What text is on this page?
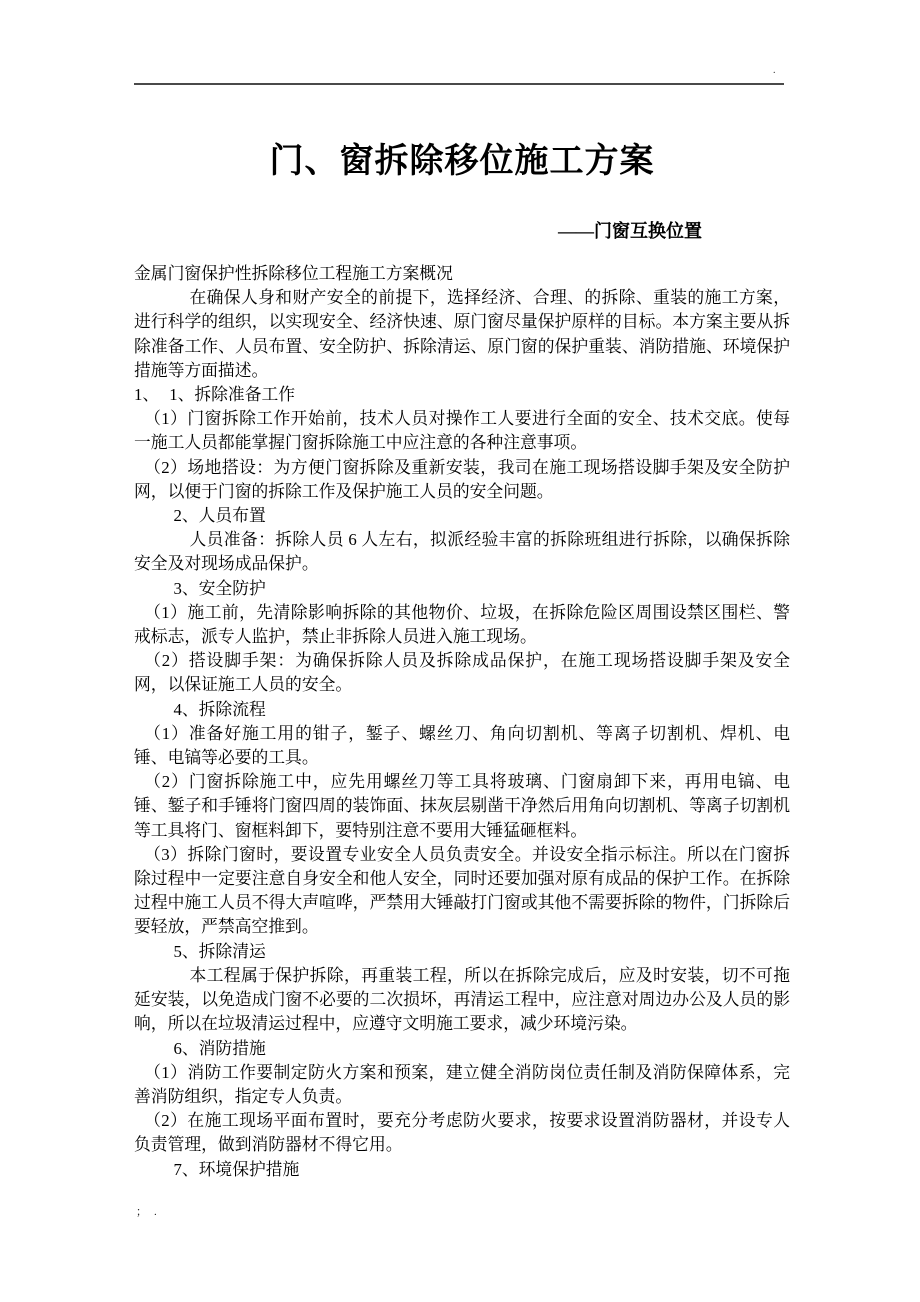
.
门、窗拆除移位施工方案
——门窗互换位置

金属门窗保护性拆除移位工程施工方案概况

在确保人身和财产安全的前提下，选择经济、合理、的拆除、重装的施工方案，进行科学的组织，以实现安全、经济快速、原门窗尽量保护原样的目标。本方案主要从拆除准备工作、人员布置、安全防护、拆除清运、原门窗的保护重装、消防措施、环境保护措施等方面描述。

1、 1、拆除准备工作

（1）门窗拆除工作开始前，技术人员对操作工人要进行全面的安全、技术交底。使每一施工人员都能掌握门窗拆除施工中应注意的各种注意事项。

（2）场地搭设：为方便门窗拆除及重新安装，我司在施工现场搭设脚手架及安全防护网，以便于门窗的拆除工作及保护施工人员的安全问题。

2、人员布置

人员准备：拆除人员 6 人左右，拟派经验丰富的拆除班组进行拆除，以确保拆除安全及对现场成品保护。

3、安全防护

（1）施工前，先清除影响拆除的其他物价、垃圾，在拆除危险区周围设禁区围栏、警戒标志，派专人监护，禁止非拆除人员进入施工现场。

（2）搭设脚手架：为确保拆除人员及拆除成品保护，在施工现场搭设脚手架及安全网，以保证施工人员的安全。

4、拆除流程

（1）准备好施工用的钳子，錾子、螺丝刀、角向切割机、等离子切割机、焊机、电锤、电镐等必要的工具。

（2）门窗拆除施工中，应先用螺丝刀等工具将玻璃、门窗扇卸下来，再用电镐、电锤、錾子和手锤将门窗四周的装饰面、抹灰层剔凿干净然后用角向切割机、等离子切割机等工具将门、窗框料卸下，要特别注意不要用大锤猛砸框料。

（3）拆除门窗时，要设置专业安全人员负责安全。并设安全指示标注。所以在门窗拆除过程中一定要注意自身安全和他人安全，同时还要加强对原有成品的保护工作。在拆除过程中施工人员不得大声喧哗，严禁用大锤敲打门窗或其他不需要拆除的物件，门拆除后要轻放，严禁高空推到。

5、拆除清运

本工程属于保护拆除，再重装工程，所以在拆除完成后，应及时安装，切不可拖延安装，以免造成门窗不必要的二次损坏，再清运工程中，应注意对周边办公及人员的影响，所以在垃圾清运过程中，应遵守文明施工要求，减少环境污染。

6、消防措施

（1）消防工作要制定防火方案和预案，建立健全消防岗位责任制及消防保障体系，完善消防组织，指定专人负责。

（2）在施工现场平面布置时，要充分考虑防火要求，按要求设置消防器材，并设专人负责管理，做到消防器材不得它用。

7、环境保护措施

； .
